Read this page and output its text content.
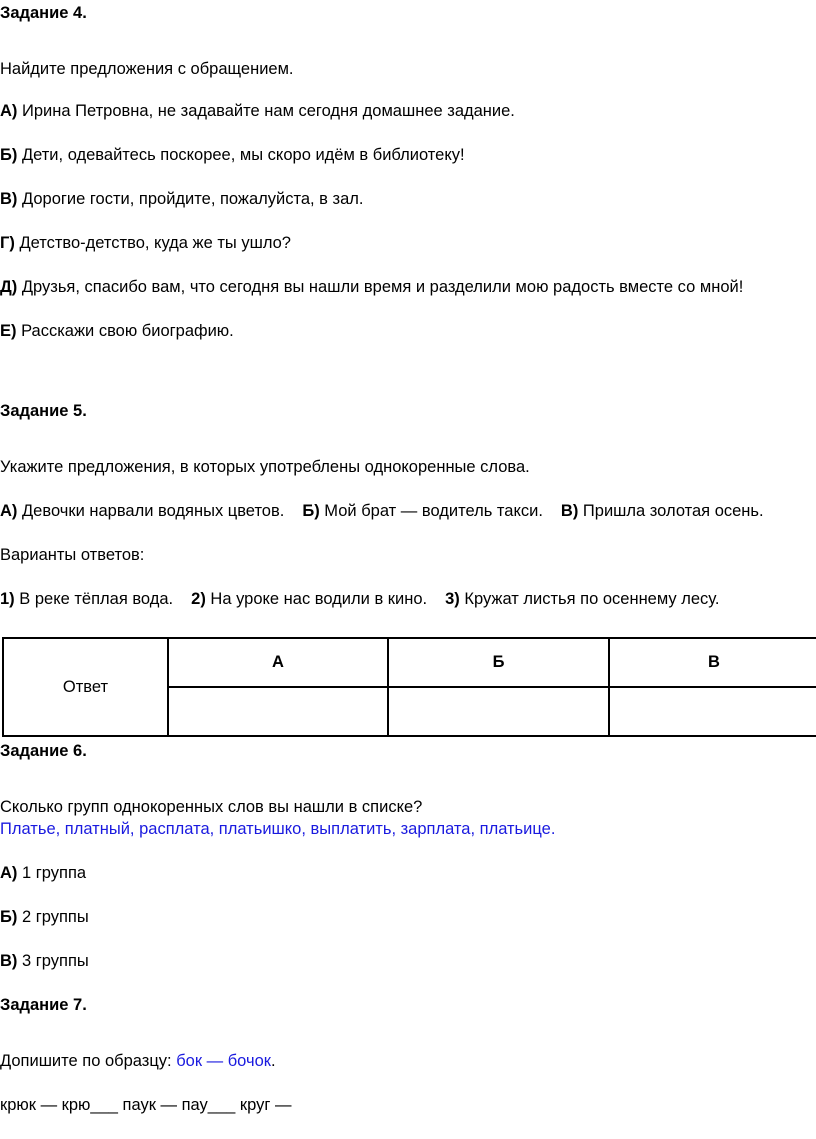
Задание 4.
Найдите предложения с обращением.
А) Ирина Петровна, не задавайте нам сегодня домашнее задание.
Б) Дети, одевайтесь поскорее, мы скоро идём в библиотеку!
В) Дорогие гости, пройдите, пожалуйста, в зал.
Г) Детство-детство, куда же ты ушло?
Д) Друзья, спасибо вам, что сегодня вы нашли время и разделили мою радость вместе со мной!
Е) Расскажи свою биографию.
Задание 5.
Укажите предложения, в которых употреблены однокоренные слова.
А) Девочки нарвали водяных цветов. Б) Мой брат — водитель такси. В) Пришла золотая осень.
Варианты ответов:
1) В реке тёплая вода. 2) На уроке нас водили в кино. 3) Кружат листья по осеннему лесу.
Ответ	А	Б	В

Задание 6.
Сколько групп однокоренных слов вы нашли в списке?
Платье, платный, расплата, платьишко, выплатить, зарплата, платьице.
А) 1 группа
Б) 2 группы
В) 3 группы
Задание 7.
Допишите по образцу: бок — бочок.
крюк — крю___ паук — пау___ круг —
